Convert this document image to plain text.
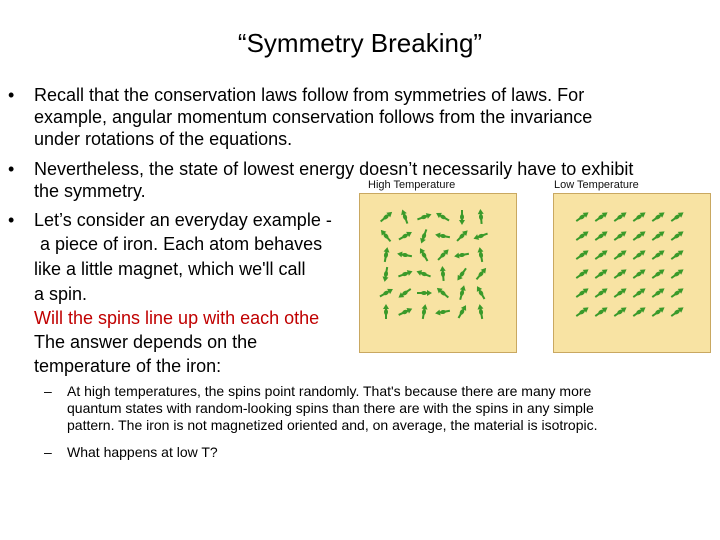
“Symmetry Breaking”
• Recall that the conservation laws follow from symmetries of laws. For
example, angular momentum conservation follows from the invariance
under rotations of the equations.
• Nevertheless, the state of lowest energy doesn’t necessarily have to exhibit
the symmetry.
• Let’s consider an everyday example -
a piece of iron. Each atom behaves
like a little magnet, which we'll call
a spin.
Will the spins line up with each othe
The answer depends on the
temperature of the iron:
– At high temperatures, the spins point randomly. That's because there are many more
quantum states with random-looking spins than there are with the spins in any simple
pattern. The iron is not magnetized oriented and, on average, the material is isotropic.
– What happens at low T?
High Temperature	Low Temperature
